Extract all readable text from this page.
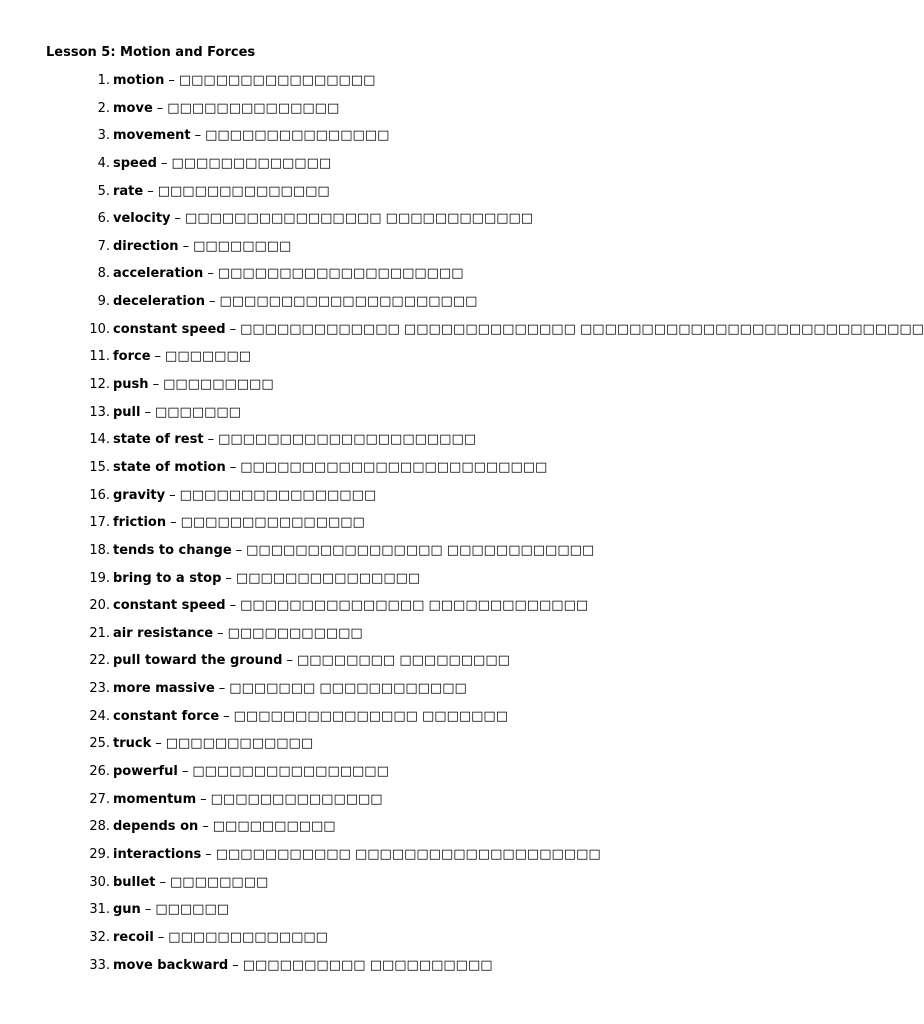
Lesson 5: Motion and Forces
1. motion – □□□□□□□□□□□□□□□□
2. move – □□□□□□□□□□□□□□
3. movement – □□□□□□□□□□□□□□□
4. speed – □□□□□□□□□□□□□
5. rate – □□□□□□□□□□□□□□
6. velocity – □□□□□□□□□□□□□□□□ □□□□□□□□□□□□
7. direction – □□□□□□□□
8. acceleration – □□□□□□□□□□□□□□□□□□□□
9. deceleration – □□□□□□□□□□□□□□□□□□□□□
10. constant speed – □□□□□□□□□□□□□ □□□□□□□□□□□□□□ □□□□□□□□□□□□□□□□□□□□□□□□□□□□
11. force – □□□□□□□
12. push – □□□□□□□□□
13. pull – □□□□□□□
14. state of rest – □□□□□□□□□□□□□□□□□□□□□
15. state of motion – □□□□□□□□□□□□□□□□□□□□□□□□□
16. gravity – □□□□□□□□□□□□□□□□
17. friction – □□□□□□□□□□□□□□□
18. tends to change – □□□□□□□□□□□□□□□□ □□□□□□□□□□□□
19. bring to a stop – □□□□□□□□□□□□□□□
20. constant speed – □□□□□□□□□□□□□□□ □□□□□□□□□□□□□
21. air resistance – □□□□□□□□□□□
22. pull toward the ground – □□□□□□□□ □□□□□□□□□
23. more massive – □□□□□□□ □□□□□□□□□□□□
24. constant force – □□□□□□□□□□□□□□□ □□□□□□□
25. truck – □□□□□□□□□□□□
26. powerful – □□□□□□□□□□□□□□□□
27. momentum – □□□□□□□□□□□□□□
28. depends on – □□□□□□□□□□
29. interactions – □□□□□□□□□□□ □□□□□□□□□□□□□□□□□□□□
30. bullet – □□□□□□□□
31. gun – □□□□□□
32. recoil – □□□□□□□□□□□□□
33. move backward – □□□□□□□□□□ □□□□□□□□□□
